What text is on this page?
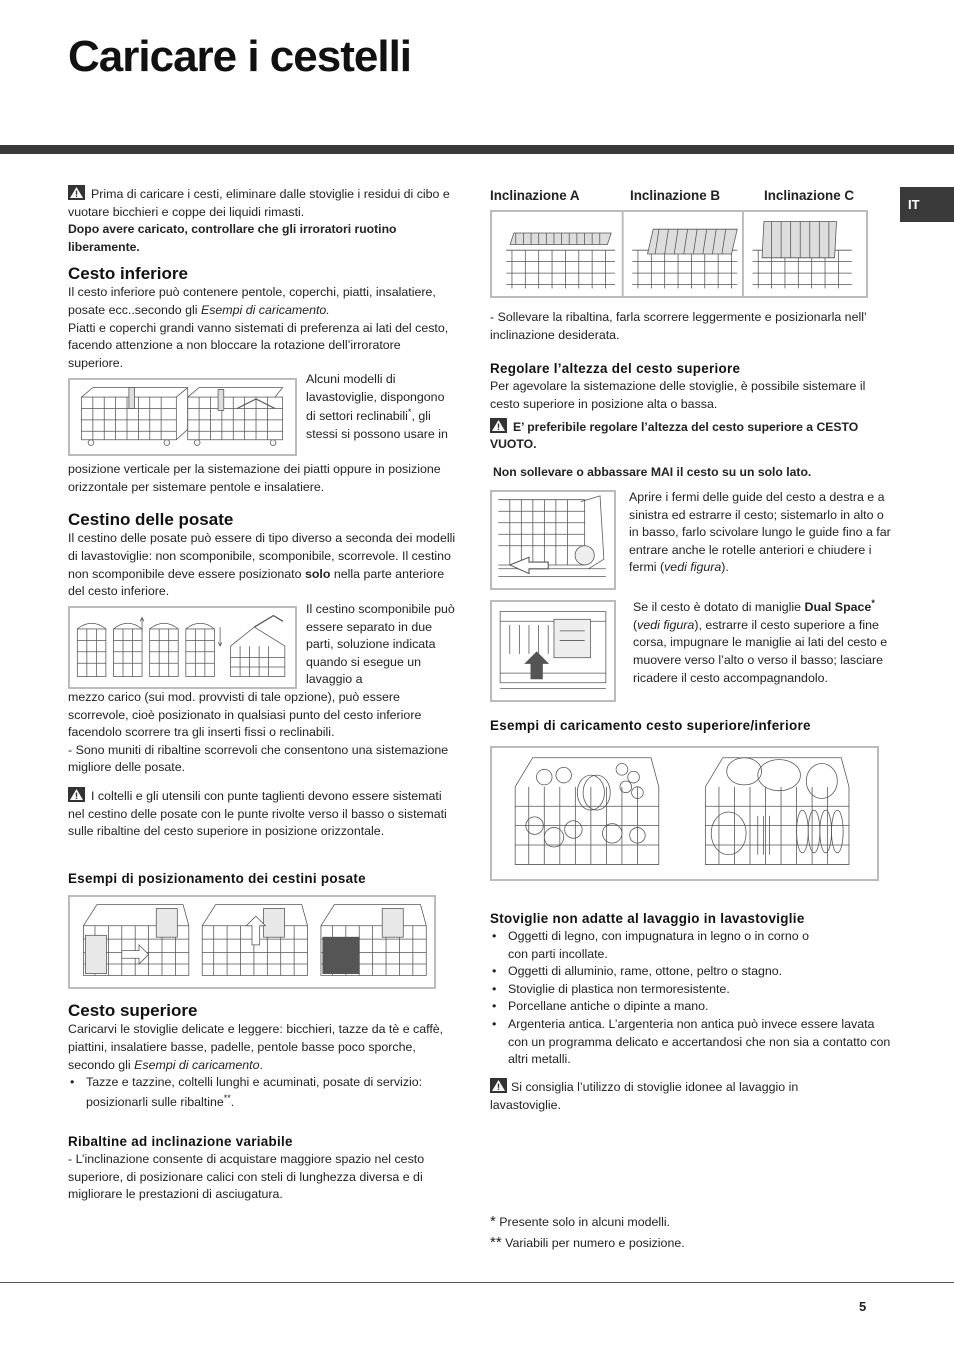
Caricare i cestelli
IT

Prima di caricare i cesti, eliminare dalle stoviglie i residui di cibo e vuotare bicchieri e coppe dei liquidi rimasti.

Dopo avere caricato, controllare che gli irroratori ruotino liberamente.

Cesto inferiore

Il cesto inferiore può contenere pentole, coperchi, piatti, insalatiere, posate ecc..secondo gli Esempi di caricamento.

Piatti e coperchi grandi vanno sistemati di preferenza ai lati del cesto, facendo attenzione a non bloccare la rotazione dell’irroratore superiore.

Alcuni modelli di lavastoviglie, dispongono di settori reclinabili*, gli stessi si possono usare in

posizione verticale per la sistemazione dei piatti oppure in posizione orizzontale per sistemare pentole e insalatiere.

Cestino delle posate

Il cestino delle posate può essere di tipo diverso a seconda dei modelli di lavastoviglie: non scomponibile, scomponibile, scorrevole. Il cestino non scomponibile deve essere posizionato solo nella parte anteriore del cesto inferiore.

Il cestino scomponibile può essere separato in due parti, soluzione indicata quando si esegue un lavaggio a

mezzo carico (sui mod. provvisti di tale opzione), può essere scorrevole, cioè posizionato in qualsiasi punto del cesto inferiore facendolo scorrere tra gli inserti fissi o reclinabili.

- Sono muniti di ribaltine scorrevoli che consentono una sistemazione migliore delle posate.

I coltelli e gli utensili con punte taglienti devono essere sistemati nel cestino delle posate con le punte rivolte verso il basso o sistemati sulle ribaltine del cesto superiore in posizione orizzontale.

Esempi di posizionamento dei cestini posate
Cesto superiore

Caricarvi le stoviglie delicate e leggere: bicchieri, tazze da tè e caffè, piattini, insalatiere basse, padelle, pentole basse poco sporche, secondo gli Esempi di caricamento.

• Tazze e tazzine, coltelli lunghi e acuminati, posate di servizio: posizionarli sulle ribaltine**.
Ribaltine ad inclinazione variabile

- L’inclinazione consente di acquistare maggiore spazio nel cesto superiore, di posizionare calici con steli di lunghezza diversa e di migliorare le prestazioni di asciugatura.

Inclinazione A	Inclinazione B	Inclinazione C

- Sollevare la ribaltina, farla scorrere leggermente e posizionarla nell’ inclinazione desiderata.

Regolare l’altezza del cesto superiore

Per agevolare la sistemazione delle stoviglie, è possibile sistemare il cesto superiore in posizione alta o bassa.

E’ preferibile regolare l’altezza del cesto superiore a CESTO VUOTO.

Non sollevare o abbassare MAI il cesto su un solo lato.

Aprire i fermi delle guide del cesto a destra e a sinistra ed estrarre il cesto; sistemarlo in alto o in basso, farlo scivolare lungo le guide fino a far entrare anche le rotelle anteriori e chiudere i fermi (vedi figura).

Se il cesto è dotato di maniglie Dual Space* (vedi figura), estrarre il cesto superiore a fine corsa, impugnare le maniglie ai lati del cesto e muovere verso l’alto o verso il basso; lasciare ricadere il cesto accompagnandolo.

Esempi di caricamento cesto superiore/inferiore
Stoviglie non adatte al lavaggio in lavastoviglie
• Oggetti di legno, con impugnatura in legno o in corno o con parti incollate.
• Oggetti di alluminio, rame, ottone, peltro o stagno.
• Stoviglie di plastica non termoresistente.
• Porcellane antiche o dipinte a mano.
• Argenteria antica. L’argenteria non antica può invece essere lavata con un programma delicato e accertandosi che non sia a contatto con altri metalli.

Si consiglia l’utilizzo di stoviglie idonee al lavaggio in lavastoviglie.

* Presente solo in alcuni modelli.

** Variabili per numero e posizione.

5
